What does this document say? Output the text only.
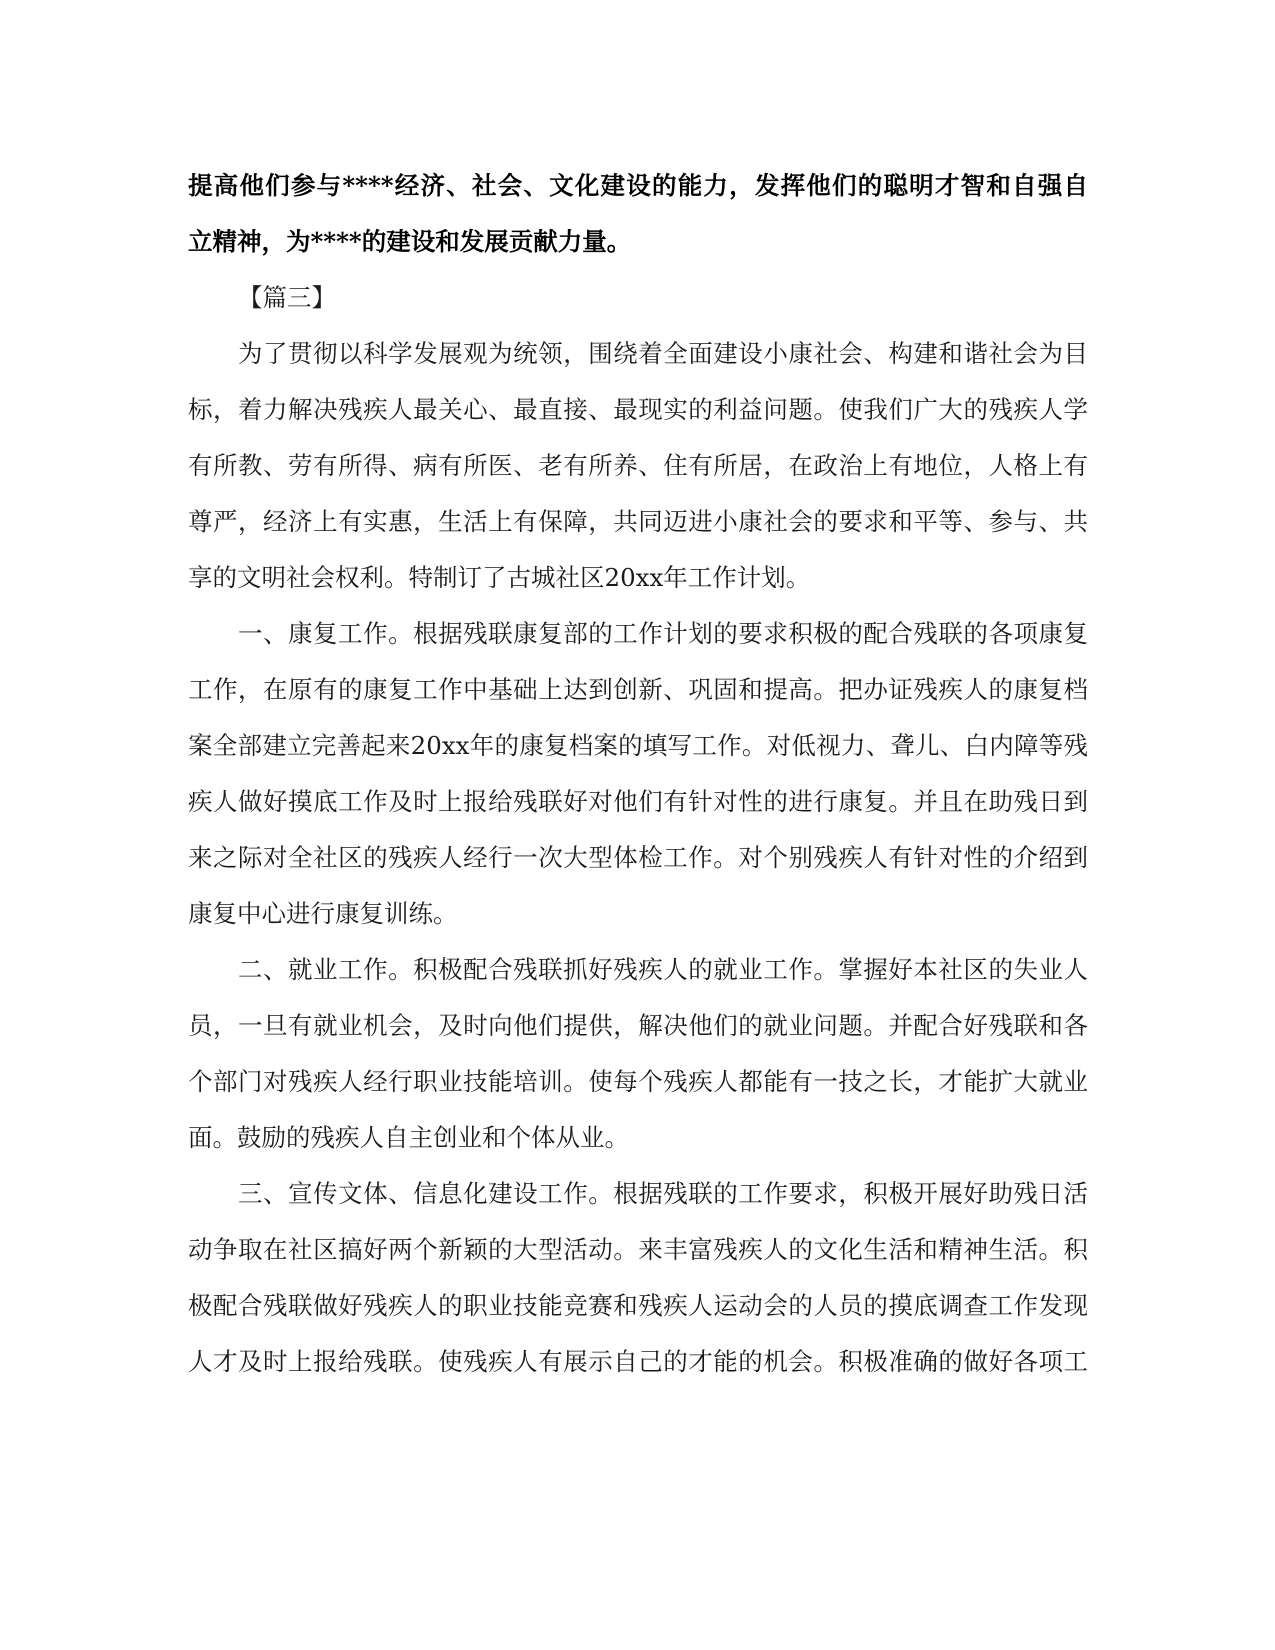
提高他们参与****经济、社会、文化建设的能力，发挥他们的聪明才智和自强自
立精神，为****的建设和发展贡献力量。
【篇三】
为了贯彻以科学发展观为统领，围绕着全面建设小康社会、构建和谐社会为目
标，着力解决残疾人最关心、最直接、最现实的利益问题。使我们广大的残疾人学
有所教、劳有所得、病有所医、老有所养、住有所居，在政治上有地位，人格上有
尊严，经济上有实惠，生活上有保障，共同迈进小康社会的要求和平等、参与、共
享的文明社会权利。特制订了古城社区20xx年工作计划。
一、康复工作。根据残联康复部的工作计划的要求积极的配合残联的各项康复
工作，在原有的康复工作中基础上达到创新、巩固和提高。把办证残疾人的康复档
案全部建立完善起来20xx年的康复档案的填写工作。对低视力、聋儿、白内障等残
疾人做好摸底工作及时上报给残联好对他们有针对性的进行康复。并且在助残日到
来之际对全社区的残疾人经行一次大型体检工作。对个别残疾人有针对性的介绍到
康复中心进行康复训练。
二、就业工作。积极配合残联抓好残疾人的就业工作。掌握好本社区的失业人
员，一旦有就业机会，及时向他们提供，解决他们的就业问题。并配合好残联和各
个部门对残疾人经行职业技能培训。使每个残疾人都能有一技之长，才能扩大就业
面。鼓励的残疾人自主创业和个体从业。
三、宣传文体、信息化建设工作。根据残联的工作要求，积极开展好助残日活
动争取在社区搞好两个新颖的大型活动。来丰富残疾人的文化生活和精神生活。积
极配合残联做好残疾人的职业技能竞赛和残疾人运动会的人员的摸底调查工作发现
人才及时上报给残联。使残疾人有展示自己的才能的机会。积极准确的做好各项工
